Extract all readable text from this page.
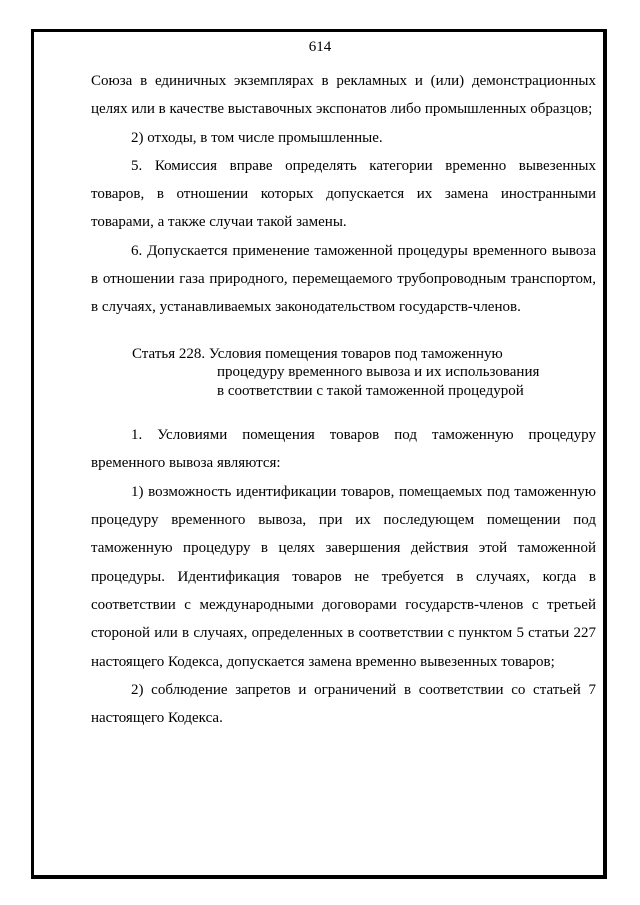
614

Союза в единичных экземплярах в рекламных и (или) демонстрационных целях или в качестве выставочных экспонатов либо промышленных образцов;

2) отходы, в том числе промышленные.

5. Комиссия вправе определять категории временно вывезенных товаров, в отношении которых допускается их замена иностранными товарами, а также случаи такой замены.

6. Допускается применение таможенной процедуры временного вывоза в отношении газа природного, перемещаемого трубопроводным транспортом, в случаях, устанавливаемых законодательством государств-членов.

Статья 228. Условия помещения товаров под таможенную
процедуру временного вывоза и их использования
в соответствии с такой таможенной процедурой

1. Условиями помещения товаров под таможенную процедуру временного вывоза являются:

1) возможность идентификации товаров, помещаемых под таможенную процедуру временного вывоза, при их последующем помещении под таможенную процедуру в целях завершения действия этой таможенной процедуры. Идентификация товаров не требуется в случаях, когда в соответствии с международными договорами государств-членов с третьей стороной или в случаях, определенных в соответствии с пунктом 5 статьи 227 настоящего Кодекса, допускается замена временно вывезенных товаров;

2) соблюдение запретов и ограничений в соответствии со статьей 7 настоящего Кодекса.
